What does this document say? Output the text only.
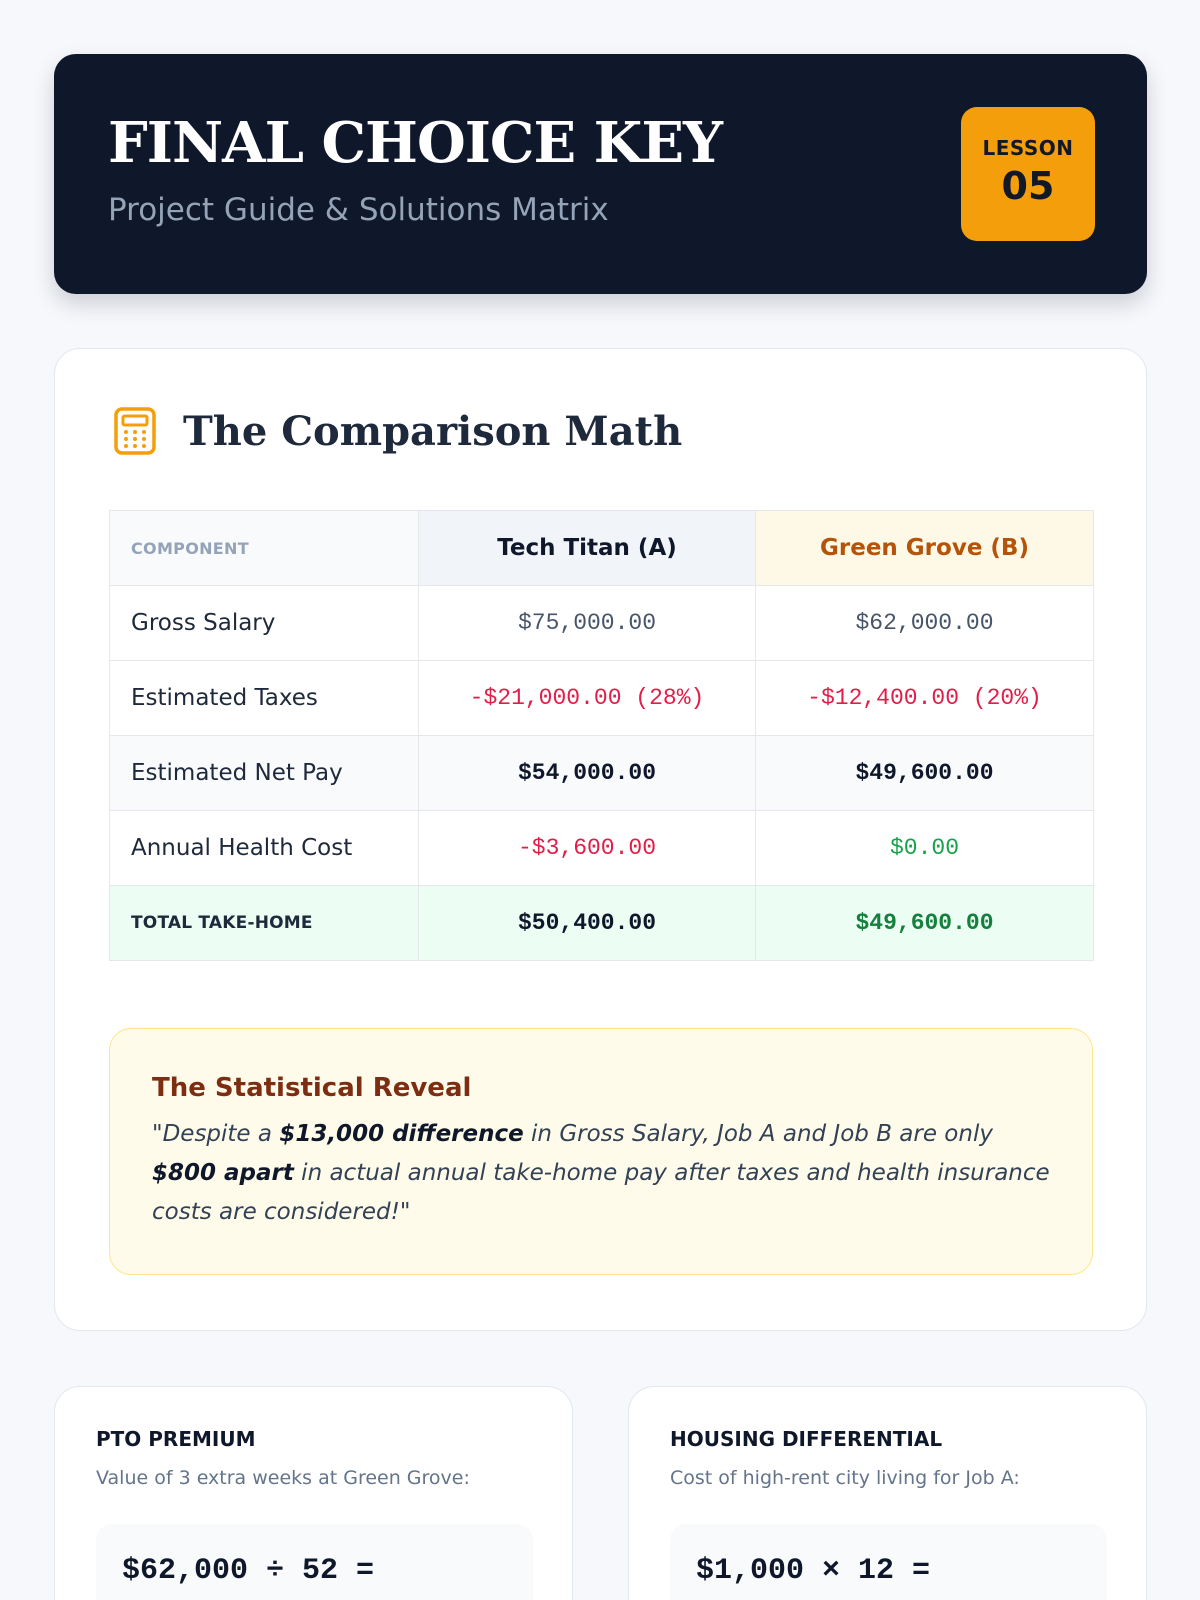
FINAL CHOICE KEY
Project Guide & Solutions Matrix
LESSON
05
The Comparison Math
COMPONENT	Tech Titan (A)	Green Grove (B)
Gross Salary	$75,000.00	$62,000.00
Estimated Taxes	-$21,000.00 (28%)	-$12,400.00 (20%)
Estimated Net Pay	$54,000.00	$49,600.00
Annual Health Cost	-$3,600.00	$0.00
TOTAL TAKE-HOME	$50,400.00	$49,600.00
The Statistical Reveal

"Despite a $13,000 difference in Gross Salary, Job A and Job B are only $800 apart in actual annual take-home pay after taxes and health insurance costs are considered!"

PTO PREMIUM
Value of 3 extra weeks at Green Grove:
$62,000 ÷ 52 =
HOUSING DIFFERENTIAL
Cost of high-rent city living for Job A:
$1,000 × 12 =
